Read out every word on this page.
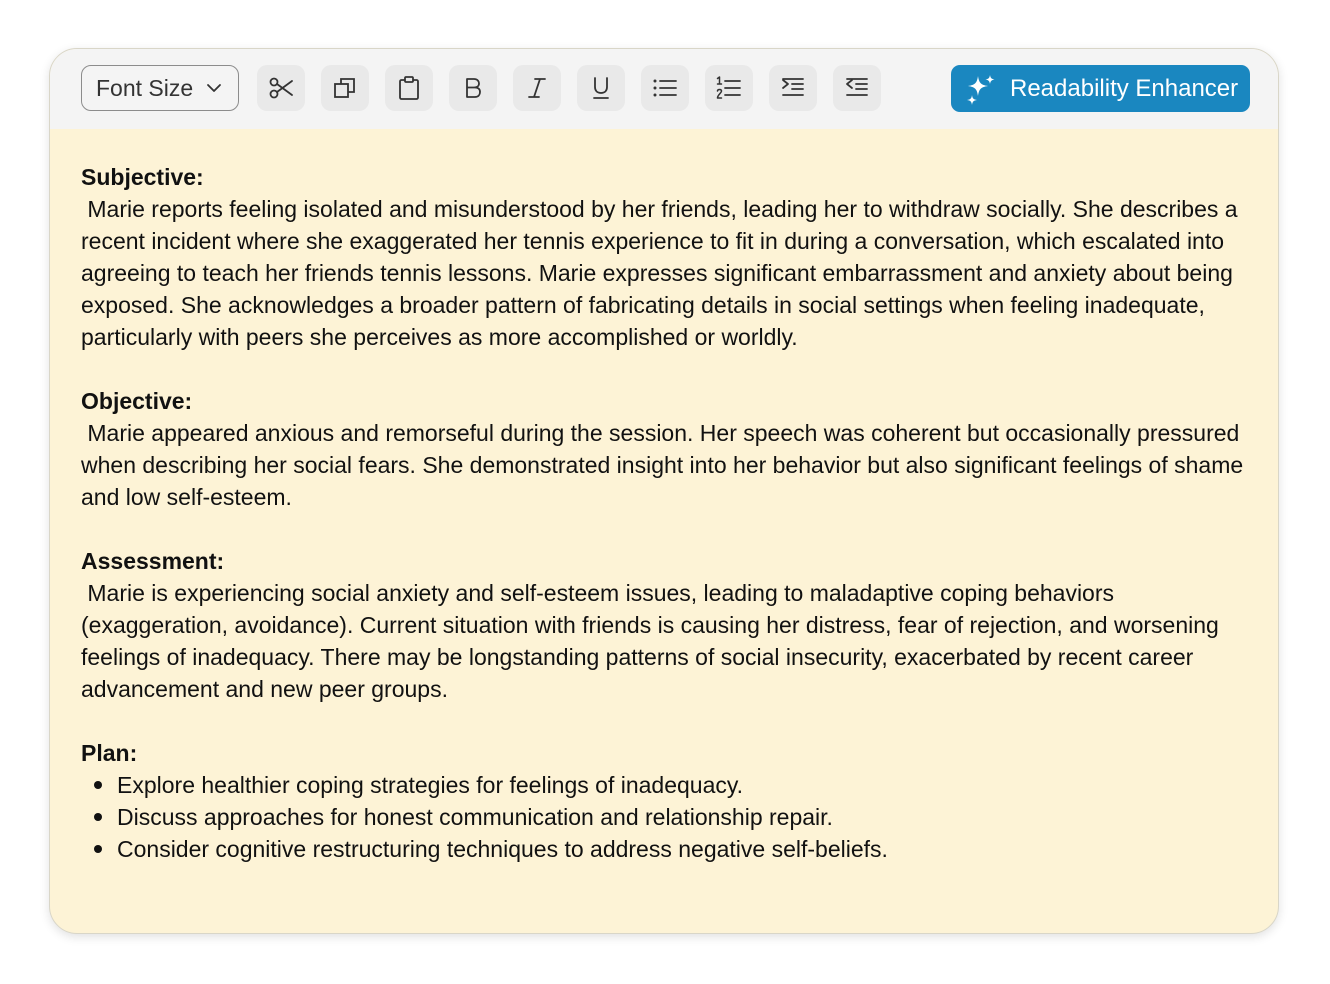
Font Size	Readability Enhancer
Subjective:
Marie reports feeling isolated and misunderstood by her friends, leading her to withdraw socially. She describes a recent incident where she exaggerated her tennis experience to fit in during a conversation, which escalated into agreeing to teach her friends tennis lessons. Marie expresses significant embarrassment and anxiety about being exposed. She acknowledges a broader pattern of fabricating details in social settings when feeling inadequate, particularly with peers she perceives as more accomplished or worldly.
Objective:
Marie appeared anxious and remorseful during the session. Her speech was coherent but occasionally pressured when describing her social fears. She demonstrated insight into her behavior but also significant feelings of shame and low self-esteem.
Assessment:
Marie is experiencing social anxiety and self-esteem issues, leading to maladaptive coping behaviors (exaggeration, avoidance). Current situation with friends is causing her distress, fear of rejection, and worsening feelings of inadequacy. There may be longstanding patterns of social insecurity, exacerbated by recent career advancement and new peer groups.
Plan:
Explore healthier coping strategies for feelings of inadequacy.
Discuss approaches for honest communication and relationship repair.
Consider cognitive restructuring techniques to address negative self-beliefs.
